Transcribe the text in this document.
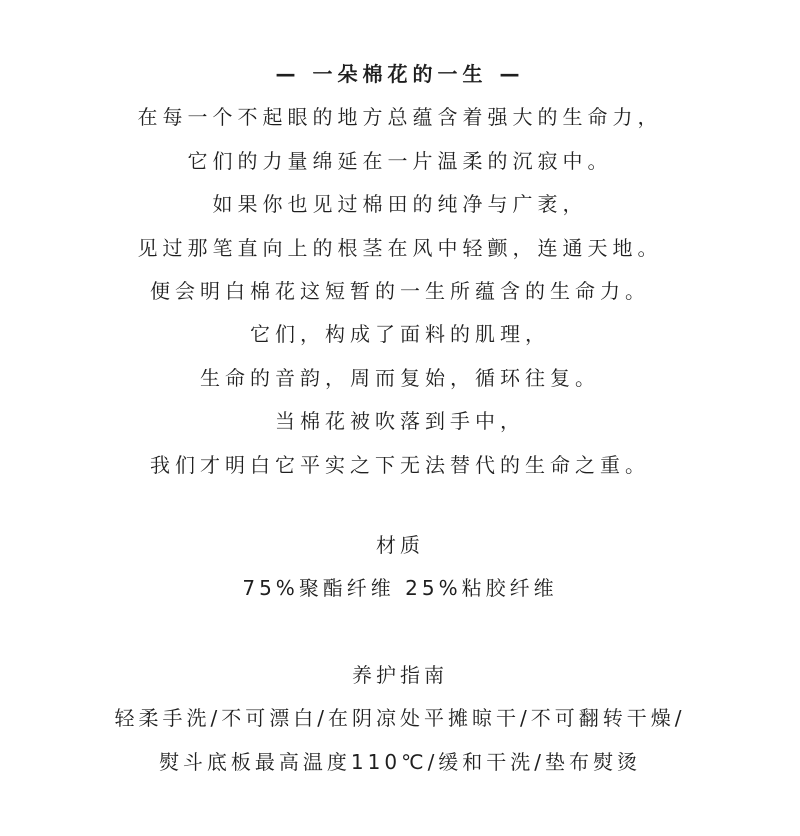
— 一朵棉花的一生 —
在每一个不起眼的地方总蕴含着强大的生命力，
它们的力量绵延在一片温柔的沉寂中。
如果你也见过棉田的纯净与广袤，
见过那笔直向上的根茎在风中轻颤，连通天地。
便会明白棉花这短暂的一生所蕴含的生命力。
它们，构成了面料的肌理，
生命的音韵，周而复始，循环往复。
当棉花被吹落到手中，
我们才明白它平实之下无法替代的生命之重。
材质
75%聚酯纤维 25%粘胶纤维
养护指南
轻柔手洗/不可漂白/在阴凉处平摊晾干/不可翻转干燥/
熨斗底板最高温度110℃/缓和干洗/垫布熨烫
